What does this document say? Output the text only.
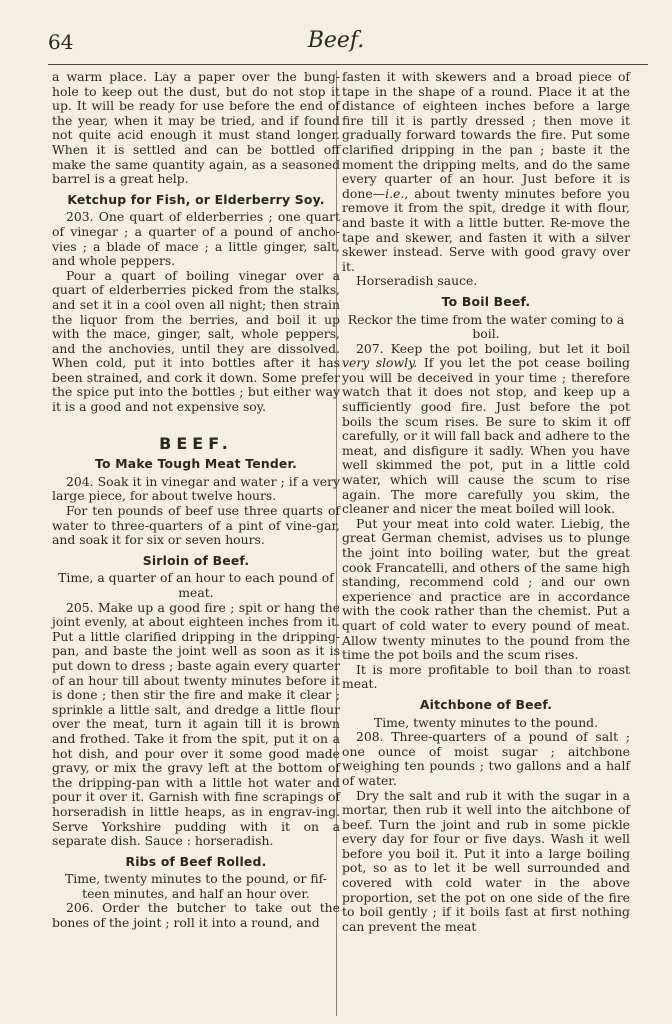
64	Beef.

a warm place. Lay a paper over the bung-hole to keep out the dust, but do not stop it up. It will be ready for use before the end of the year, when it may be tried, and if found not quite acid enough it must stand longer. When it is settled and can be bottled off make the same quantity again, as a seasoned barrel is a great help.

Ketchup for Fish, or Elderberry Soy.

203. One quart of elderberries ; one quart of vinegar ; a quarter of a pound of ancho-vies ; a blade of mace ; a little ginger, salt, and whole peppers.

Pour a quart of boiling vinegar over a quart of elderberries picked from the stalks, and set it in a cool oven all night; then strain the liquor from the berries, and boil it up with the mace, ginger, salt, whole peppers, and the anchovies, until they are dissolved. When cold, put it into bottles after it has been strained, and cork it down. Some prefer the spice put into the bottles ; but either way it is a good and not expensive soy.

BEEF.
To Make Tough Meat Tender.

204. Soak it in vinegar and water ; if a very large piece, for about twelve hours.

For ten pounds of beef use three quarts of water to three-quarters of a pint of vine-gar, and soak it for six or seven hours.

Sirloin of Beef.

Time, a quarter of an hour to each pound of meat.

205. Make up a good fire ; spit or hang the joint evenly, at about eighteen inches from it. Put a little clarified dripping in the dripping-pan, and baste the joint well as soon as it is put down to dress ; baste again every quarter of an hour till about twenty minutes before it is done ; then stir the fire and make it clear ; sprinkle a little salt, and dredge a little flour over the meat, turn it again till it is brown and frothed. Take it from the spit, put it on a hot dish, and pour over it some good made gravy, or mix the gravy left at the bottom of the dripping-pan with a little hot water and pour it over it. Garnish with fine scrapings of horseradish in little heaps, as in engrav-ing. Serve Yorkshire pudding with it on a separate dish. Sauce : horseradish.

Ribs of Beef Rolled.

Time, twenty minutes to the pound, or fif-teen minutes, and half an hour over.

206. Order the butcher to take out the bones of the joint ; roll it into a round, and

fasten it with skewers and a broad piece of tape in the shape of a round. Place it at the distance of eighteen inches before a large fire till it is partly dressed ; then move it gradually forward towards the fire. Put some clarified dripping in the pan ; baste it the moment the dripping melts, and do the same every quarter of an hour. Just before it is done—i.e., about twenty minutes before you remove it from the spit, dredge it with flour, and baste it with a little butter. Re-move the tape and skewer, and fasten it with a silver skewer instead. Serve with good gravy over it.

Horseradish sauce.

To Boil Beef.

Reckor the time from the water coming to a boil.

207. Keep the pot boiling, but let it boil very slowly. If you let the pot cease boiling you will be deceived in your time ; therefore watch that it does not stop, and keep up a sufficiently good fire. Just before the pot boils the scum rises. Be sure to skim it off carefully, or it will fall back and adhere to the meat, and disfigure it sadly. When you have well skimmed the pot, put in a little cold water, which will cause the scum to rise again. The more carefully you skim, the cleaner and nicer the meat boiled will look.

Put your meat into cold water. Liebig, the great German chemist, advises us to plunge the joint into boiling water, but the great cook Francatelli, and others of the same high standing, recommend cold ; and our own experience and practice are in accordance with the cook rather than the chemist. Put a quart of cold water to every pound of meat. Allow twenty minutes to the pound from the time the pot boils and the scum rises.

It is more profitable to boil than to roast meat.

Aitchbone of Beef.

Time, twenty minutes to the pound.

208. Three-quarters of a pound of salt ; one ounce of moist sugar ; aitchbone weighing ten pounds ; two gallons and a half of water.

Dry the salt and rub it with the sugar in a mortar, then rub it well into the aitchbone of beef. Turn the joint and rub in some pickle every day for four or five days. Wash it well before you boil it. Put it into a large boiling pot, so as to let it be well surrounded and covered with cold water in the above proportion, set the pot on one side of the fire to boil gently ; if it boils fast at first nothing can prevent the meat
